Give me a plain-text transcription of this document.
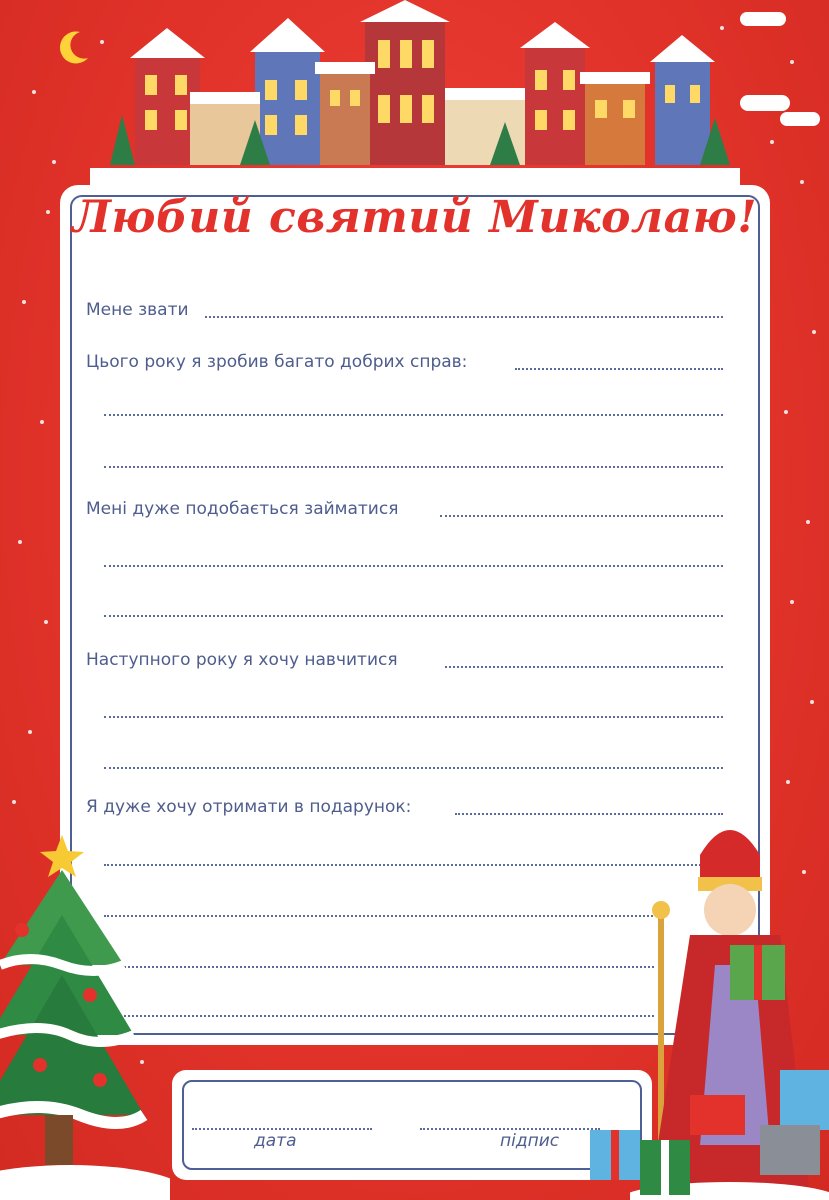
Любий святий Миколаю!
Мене звати
Цього року я зробив багато добрих справ:
Мені дуже подобається займатися
Наступного року я хочу навчитися
Я дуже хочу отримати в подарунок:
дата	підпис
